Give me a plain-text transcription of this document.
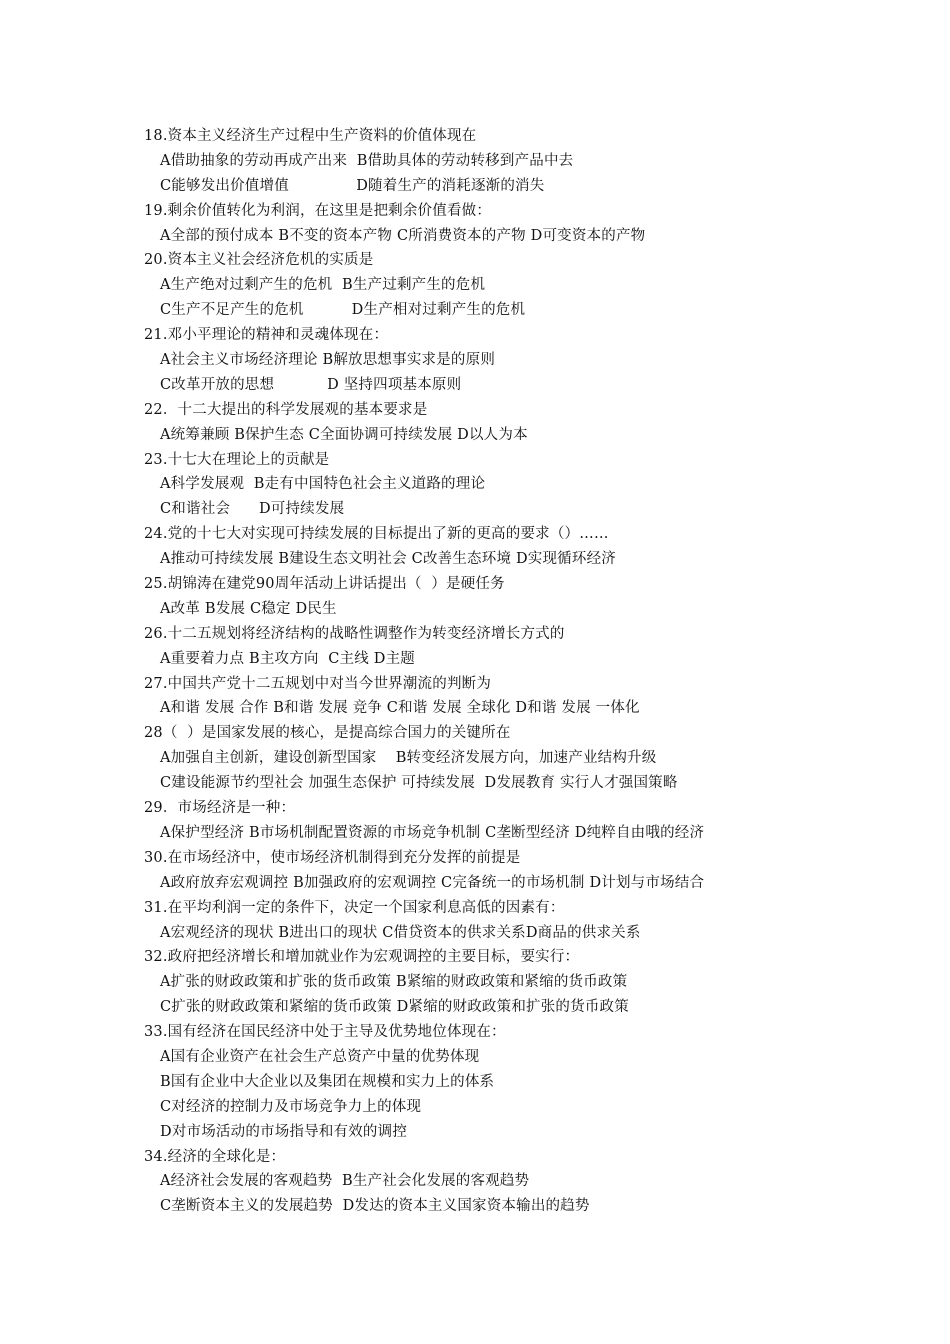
18.资本主义经济生产过程中生产资料的价值体现在
A借助抽象的劳动再成产出来  B借助具体的劳动转移到产品中去
C能够发出价值增值              D随着生产的消耗逐渐的消失
19.剩余价值转化为利润，在这里是把剩余价值看做：
A全部的预付成本 B不变的资本产物 C所消费资本的产物 D可变资本的产物
20.资本主义社会经济危机的实质是
A生产绝对过剩产生的危机  B生产过剩产生的危机
C生产不足产生的危机          D生产相对过剩产生的危机
21.邓小平理论的精神和灵魂体现在：
A社会主义市场经济理论 B解放思想事实求是的原则
C改革开放的思想           D 坚持四项基本原则
22．十二大提出的科学发展观的基本要求是
A统筹兼顾 B保护生态 C全面协调可持续发展 D以人为本
23.十七大在理论上的贡献是
A科学发展观  B走有中国特色社会主义道路的理论
C和谐社会      D可持续发展
24.党的十七大对实现可持续发展的目标提出了新的更高的要求（）……
A推动可持续发展 B建设生态文明社会 C改善生态环境 D实现循环经济
25.胡锦涛在建党90周年活动上讲话提出（  ）是硬任务
A改革 B发展 C稳定 D民生
26.十二五规划将经济结构的战略性调整作为转变经济增长方式的
A重要着力点 B主攻方向  C主线 D主题
27.中国共产党十二五规划中对当今世界潮流的判断为
A和谐 发展 合作 B和谐 发展 竞争 C和谐 发展 全球化 D和谐 发展 一体化
28（  ）是国家发展的核心，是提高综合国力的关键所在
A加强自主创新，建设创新型国家    B转变经济发展方向，加速产业结构升级
C建设能源节约型社会 加强生态保护 可持续发展  D发展教育 实行人才强国策略
29．市场经济是一种：
A保护型经济 B市场机制配置资源的市场竞争机制 C垄断型经济 D纯粹自由哦的经济
30.在市场经济中，使市场经济机制得到充分发挥的前提是
A政府放弃宏观调控 B加强政府的宏观调控 C完备统一的市场机制 D计划与市场结合
31.在平均利润一定的条件下，决定一个国家利息高低的因素有：
A宏观经济的现状 B进出口的现状 C借贷资本的供求关系D商品的供求关系
32.政府把经济增长和增加就业作为宏观调控的主要目标，要实行：
A扩张的财政政策和扩张的货币政策 B紧缩的财政政策和紧缩的货币政策
C扩张的财政政策和紧缩的货币政策 D紧缩的财政政策和扩张的货币政策
33.国有经济在国民经济中处于主导及优势地位体现在：
A国有企业资产在社会生产总资产中量的优势体现
B国有企业中大企业以及集团在规模和实力上的体系
C对经济的控制力及市场竞争力上的体现
D对市场活动的市场指导和有效的调控
34.经济的全球化是：
A经济社会发展的客观趋势  B生产社会化发展的客观趋势
C垄断资本主义的发展趋势  D发达的资本主义国家资本输出的趋势
